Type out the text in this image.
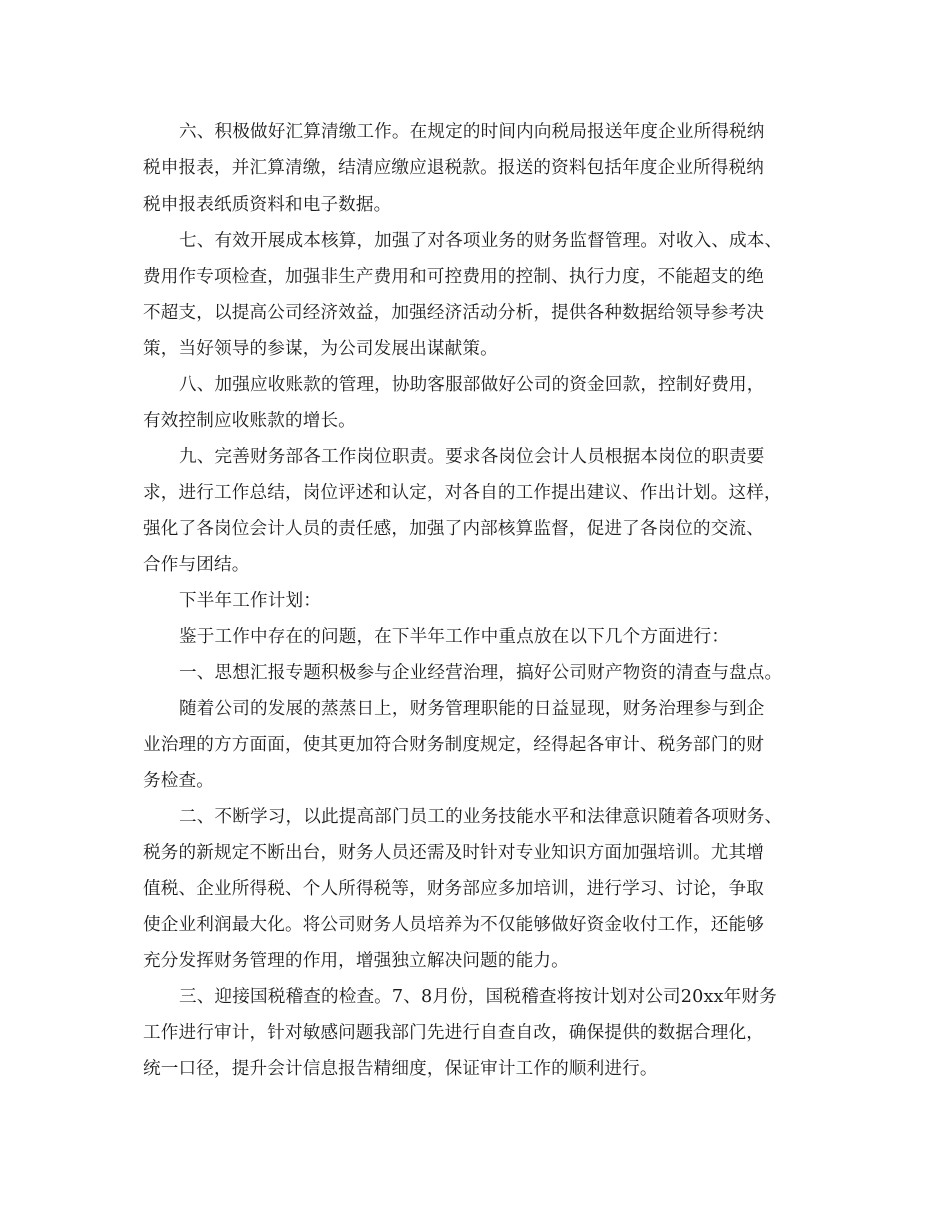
六、积极做好汇算清缴工作。在规定的时间内向税局报送年度企业所得税纳
税申报表，并汇算清缴，结清应缴应退税款。报送的资料包括年度企业所得税纳
税申报表纸质资料和电子数据。
七、有效开展成本核算，加强了对各项业务的财务监督管理。对收入、成本、
费用作专项检查，加强非生产费用和可控费用的控制、执行力度，不能超支的绝
不超支，以提高公司经济效益，加强经济活动分析，提供各种数据给领导参考决
策，当好领导的参谋，为公司发展出谋献策。
八、加强应收账款的管理，协助客服部做好公司的资金回款，控制好费用，
有效控制应收账款的增长。
九、完善财务部各工作岗位职责。要求各岗位会计人员根据本岗位的职责要
求，进行工作总结，岗位评述和认定，对各自的工作提出建议、作出计划。这样，
强化了各岗位会计人员的责任感，加强了内部核算监督，促进了各岗位的交流、
合作与团结。
下半年工作计划：
鉴于工作中存在的问题，在下半年工作中重点放在以下几个方面进行：
一、思想汇报专题积极参与企业经营治理，搞好公司财产物资的清查与盘点。
随着公司的发展的蒸蒸日上，财务管理职能的日益显现，财务治理参与到企
业治理的方方面面，使其更加符合财务制度规定，经得起各审计、税务部门的财
务检查。
二、不断学习，以此提高部门员工的业务技能水平和法律意识随着各项财务、
税务的新规定不断出台，财务人员还需及时针对专业知识方面加强培训。尤其增
值税、企业所得税、个人所得税等，财务部应多加培训，进行学习、讨论，争取
使企业利润最大化。将公司财务人员培养为不仅能够做好资金收付工作，还能够
充分发挥财务管理的作用，增强独立解决问题的能力。
三、迎接国税稽查的检查。7、8月份，国税稽查将按计划对公司20xx年财务
工作进行审计，针对敏感问题我部门先进行自查自改，确保提供的数据合理化，
统一口径，提升会计信息报告精细度，保证审计工作的顺利进行。
